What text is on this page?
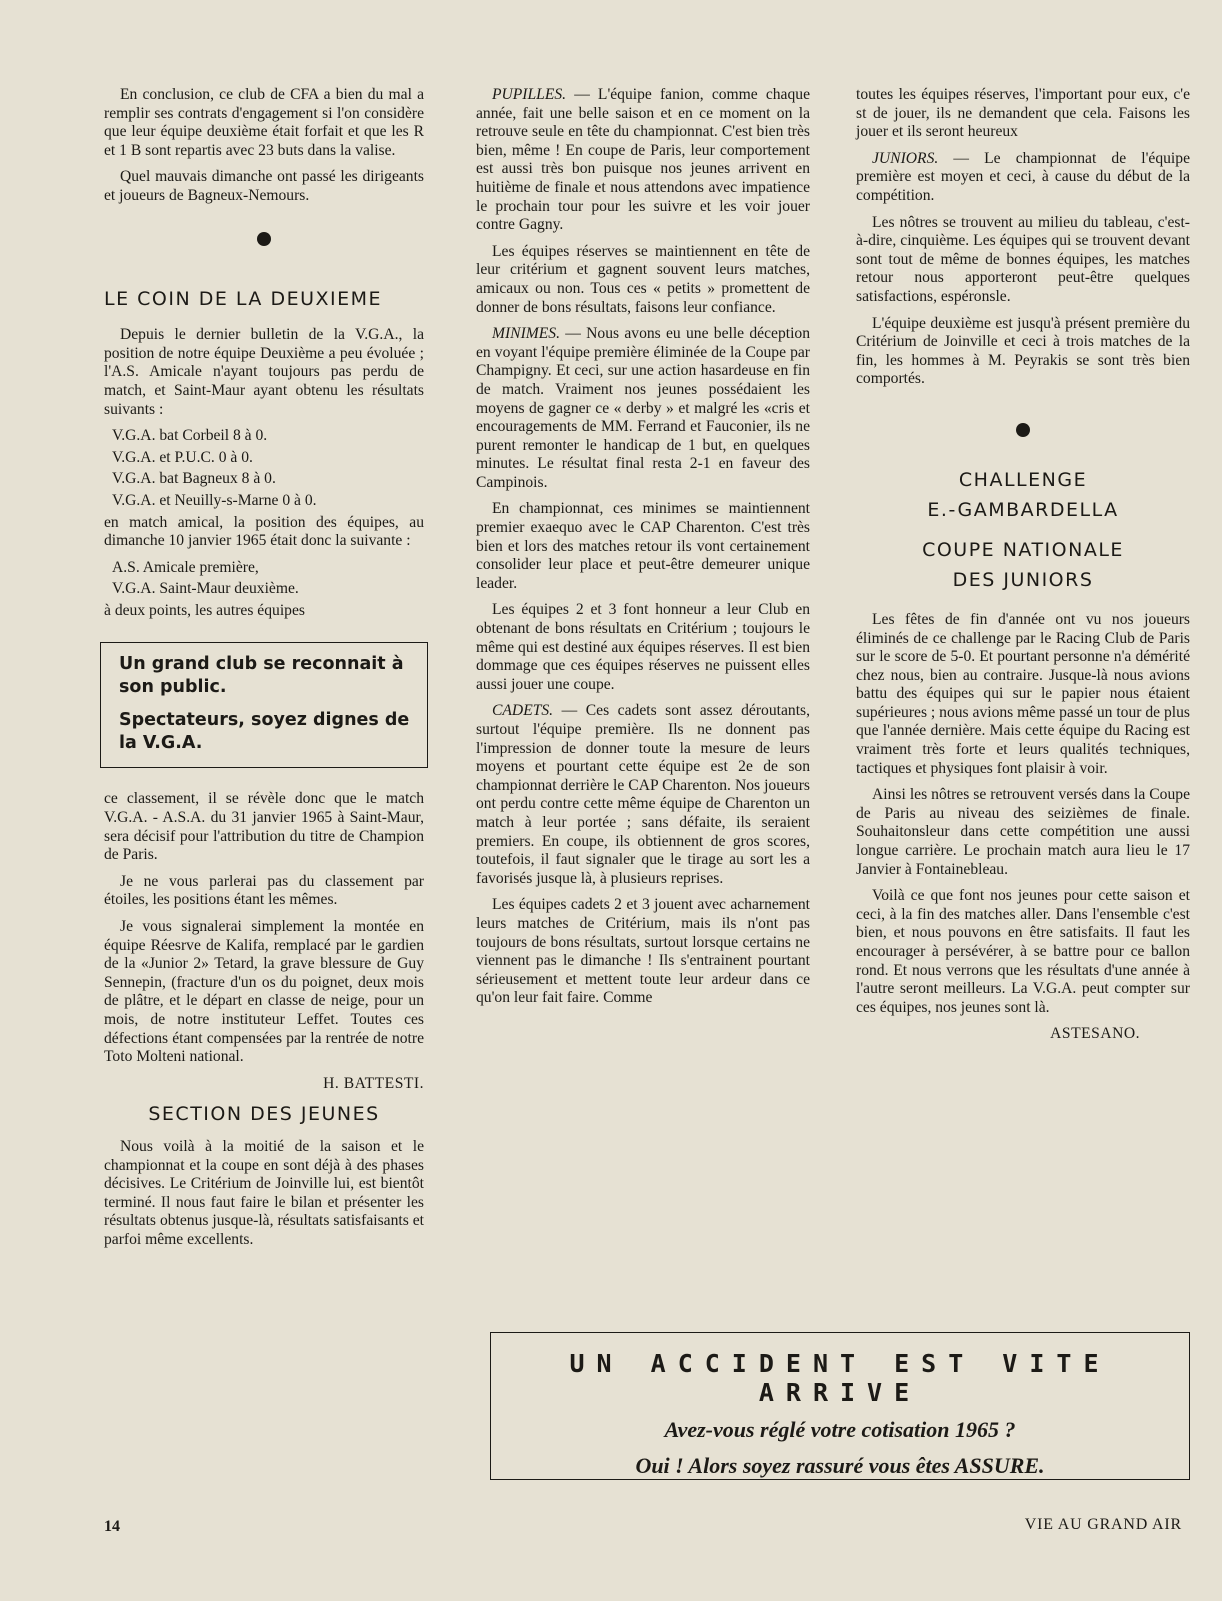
En conclusion, ce club de CFA a bien du mal a remplir ses contrats d'engagement si l'on considère que leur équipe deuxième était forfait et que les R et 1 B sont repartis avec 23 buts dans la valise.

Quel mauvais dimanche ont passé les dirigeants et joueurs de Bagneux-Nemours.

LE COIN DE LA DEUXIEME

Depuis le dernier bulletin de la V.G.A., la position de notre équipe Deuxième a peu évoluée ; l'A.S. Amicale n'ayant toujours pas perdu de match, et Saint-Maur ayant obtenu les résultats suivants :

V.G.A. bat Corbeil 8 à 0.

V.G.A. et P.U.C. 0 à 0.

V.G.A. bat Bagneux 8 à 0.

V.G.A. et Neuilly-s-Marne 0 à 0.

en match amical, la position des équipes, au dimanche 10 janvier 1965 était donc la suivante :

A.S. Amicale première,

V.G.A. Saint-Maur deuxième.

à deux points, les autres équipes

Un grand club se reconnait à son public.
Spectateurs, soyez dignes de la V.G.A.

ce classement, il se révèle donc que le match V.G.A. - A.S.A. du 31 janvier 1965 à Saint-Maur, sera décisif pour l'attribution du titre de Champion de Paris.

Je ne vous parlerai pas du classement par étoiles, les positions étant les mêmes.

Je vous signalerai simplement la montée en équipe Réesrve de Kalifa, remplacé par le gardien de la «Junior 2» Tetard, la grave blessure de Guy Sennepin, (fracture d'un os du poignet, deux mois de plâtre, et le départ en classe de neige, pour un mois, de notre instituteur Leffet. Toutes ces défections étant compensées par la rentrée de notre Toto Molteni national.

H. BATTESTI.
SECTION DES JEUNES

Nous voilà à la moitié de la saison et le championnat et la coupe en sont déjà à des phases décisives. Le Critérium de Joinville lui, est bientôt terminé. Il nous faut faire le bilan et présenter les résultats obtenus jusque-là, résultats satisfaisants et parfoi même excellents.

PUPILLES. — L'équipe fanion, comme chaque année, fait une belle saison et en ce moment on la retrouve seule en tête du championnat. C'est bien très bien, même ! En coupe de Paris, leur comportement est aussi très bon puisque nos jeunes arrivent en huitième de finale et nous attendons avec impatience le prochain tour pour les suivre et les voir jouer contre Gagny.

Les équipes réserves se maintiennent en tête de leur critérium et gagnent souvent leurs matches, amicaux ou non. Tous ces « petits » promettent de donner de bons résultats, faisons leur confiance.

MINIMES. — Nous avons eu une belle déception en voyant l'équipe première éliminée de la Coupe par Champigny. Et ceci, sur une action hasardeuse en fin de match. Vraiment nos jeunes possédaient les moyens de gagner ce « derby » et malgré les «cris et encouragements de MM. Ferrand et Fauconier, ils ne purent remonter le handicap de 1 but, en quelques minutes. Le résultat final resta 2-1 en faveur des Campinois.

En championnat, ces minimes se maintiennent premier exaequo avec le CAP Charenton. C'est très bien et lors des matches retour ils vont certainement consolider leur place et peut-être demeurer unique leader.

Les équipes 2 et 3 font honneur a leur Club en obtenant de bons résultats en Critérium ; toujours le même qui est destiné aux équipes réserves. Il est bien dommage que ces équipes réserves ne puissent elles aussi jouer une coupe.

CADETS. — Ces cadets sont assez déroutants, surtout l'équipe première. Ils ne donnent pas l'impression de donner toute la mesure de leurs moyens et pourtant cette équipe est 2e de son championnat derrière le CAP Charenton. Nos joueurs ont perdu contre cette même équipe de Charenton un match à leur portée ; sans défaite, ils seraient premiers. En coupe, ils obtiennent de gros scores, toutefois, il faut signaler que le tirage au sort les a favorisés jusque là, à plusieurs reprises.

Les équipes cadets 2 et 3 jouent avec acharnement leurs matches de Critérium, mais ils n'ont pas toujours de bons résultats, surtout lorsque certains ne viennent pas le dimanche ! Ils s'entrainent pourtant sérieusement et mettent toute leur ardeur dans ce qu'on leur fait faire. Comme

toutes les équipes réserves, l'important pour eux, c'e st de jouer, ils ne demandent que cela. Faisons les jouer et ils seront heureux

JUNIORS. — Le championnat de l'équipe première est moyen et ceci, à cause du début de la compétition.

Les nôtres se trouvent au milieu du tableau, c'est-à-dire, cinquième. Les équipes qui se trouvent devant sont tout de même de bonnes équipes, les matches retour nous apporteront peut-être quelques satisfactions, espéronsle.

L'équipe deuxième est jusqu'à présent première du Critérium de Joinville et ceci à trois matches de la fin, les hommes à M. Peyrakis se sont très bien comportés.

CHALLENGE
E.-GAMBARDELLA
COUPE NATIONALE
DES JUNIORS

Les fêtes de fin d'année ont vu nos joueurs éliminés de ce challenge par le Racing Club de Paris sur le score de 5-0. Et pourtant personne n'a démérité chez nous, bien au contraire. Jusque-là nous avions battu des équipes qui sur le papier nous étaient supérieures ; nous avions même passé un tour de plus que l'année dernière. Mais cette équipe du Racing est vraiment très forte et leurs qualités techniques, tactiques et physiques font plaisir à voir.

Ainsi les nôtres se retrouvent versés dans la Coupe de Paris au niveau des seizièmes de finale. Souhaitonsleur dans cette compétition une aussi longue carrière. Le prochain match aura lieu le 17 Janvier à Fontainebleau.

Voilà ce que font nos jeunes pour cette saison et ceci, à la fin des matches aller. Dans l'ensemble c'est bien, et nous pouvons en être satisfaits. Il faut les encourager à persévérer, à se battre pour ce ballon rond. Et nous verrons que les résultats d'une année à l'autre seront meilleurs. La V.G.A. peut compter sur ces équipes, nos jeunes sont là.

ASTESANO.
UN ACCIDENT EST VITE ARRIVE
Avez-vous réglé votre cotisation 1965 ?
Oui ! Alors soyez rassuré vous êtes ASSURE.
14	VIE AU GRAND AIR
